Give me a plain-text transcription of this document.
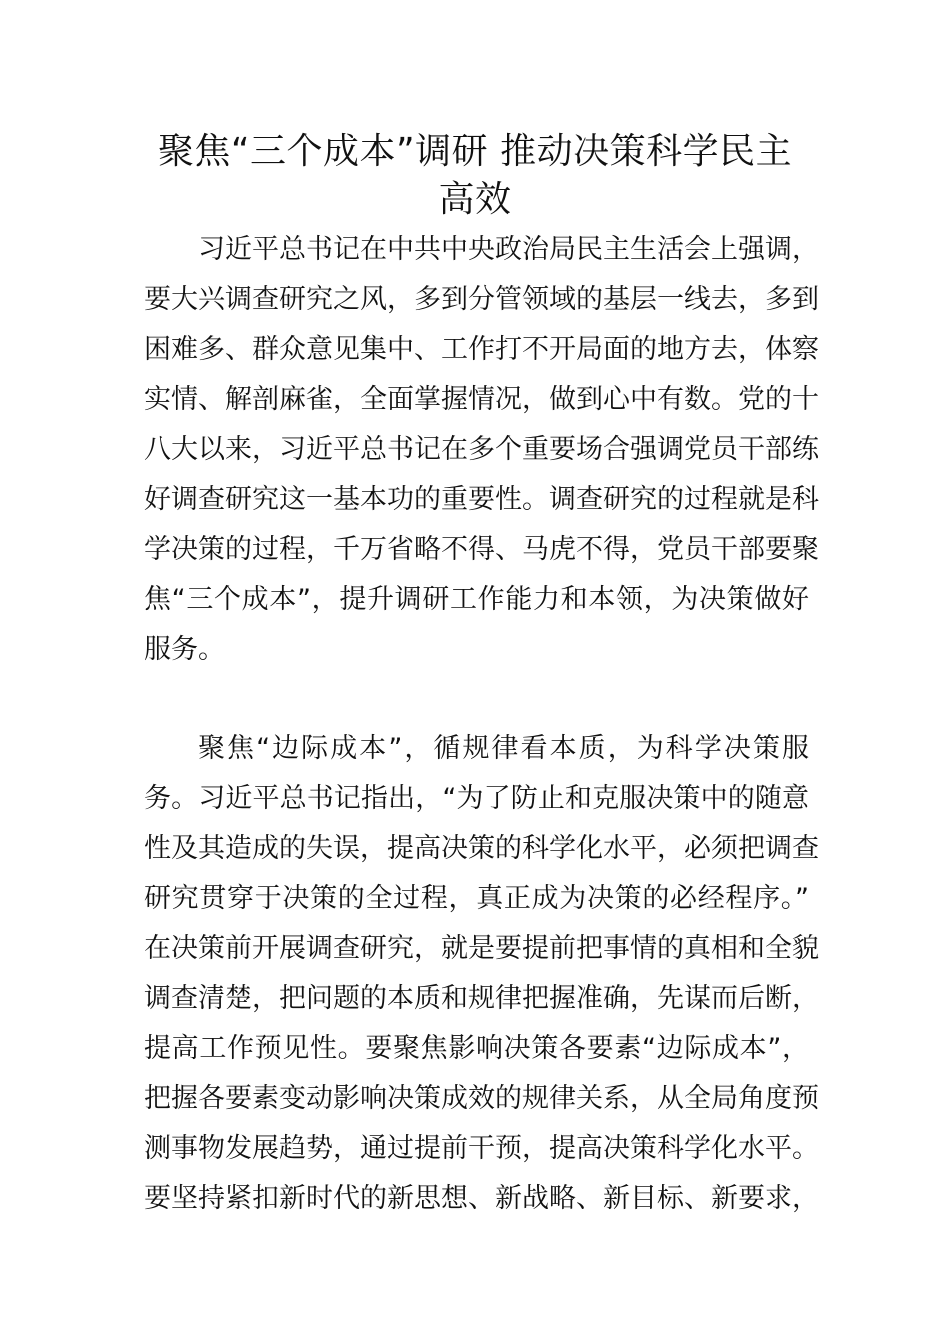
聚焦“三个成本”调研 推动决策科学民主
高效
习近平总书记在中共中央政治局民主生活会上强调，
要大兴调查研究之风，多到分管领域的基层一线去，多到
困难多、群众意见集中、工作打不开局面的地方去，体察
实情、解剖麻雀，全面掌握情况，做到心中有数。党的十
八大以来，习近平总书记在多个重要场合强调党员干部练
好调查研究这一基本功的重要性。调查研究的过程就是科
学决策的过程，千万省略不得、马虎不得，党员干部要聚
焦“三个成本”，提升调研工作能力和本领，为决策做好
服务。
聚焦“边际成本”，循规律看本质，为科学决策服
务。习近平总书记指出，“为了防止和克服决策中的随意
性及其造成的失误，提高决策的科学化水平，必须把调查
研究贯穿于决策的全过程，真正成为决策的必经程序。”
在决策前开展调查研究，就是要提前把事情的真相和全貌
调查清楚，把问题的本质和规律把握准确，先谋而后断，
提高工作预见性。要聚焦影响决策各要素“边际成本”，
把握各要素变动影响决策成效的规律关系，从全局角度预
测事物发展趋势，通过提前干预，提高决策科学化水平。
要坚持紧扣新时代的新思想、新战略、新目标、新要求，
